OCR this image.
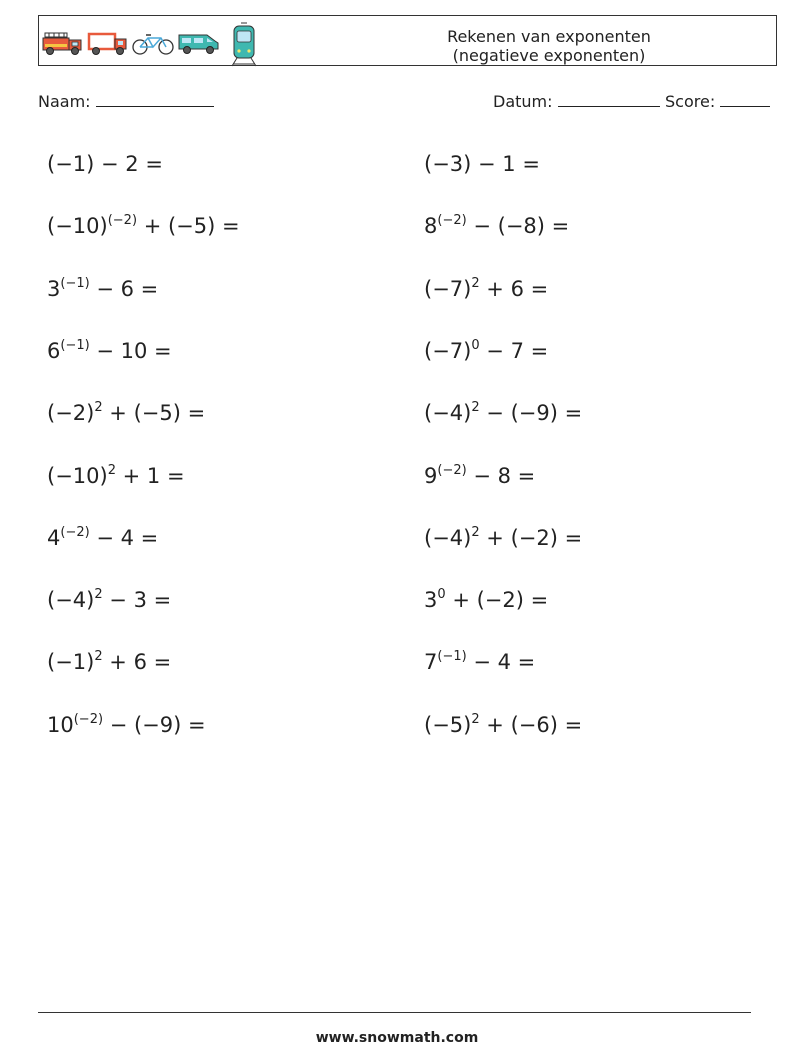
Rekenen van exponenten (negatieve exponenten)
Naam:	Datum:	Score:
(−1) − 2 =	(−3) − 1 =
$(-10)^{(-2)} + (-5)$ =	$8^{(-2)} - (-8)$ =
$3^{(-1)} - 6$ =	$(-7)^2 + 6$ =
$6^{(-1)} - 10$ =	$(-7)^0 - 7$ =
$(-2)^2 + (-5)$ =	$(-4)^2 - (-9)$ =
$(-10)^2 + 1$ =	$9^{(-2)} - 8$ =
$4^{(-2)} - 4$ =	$(-4)^2 + (-2)$ =
$(-4)^2 - 3$ =	$3^0 + (-2)$ =
$(-1)^2 + 6$ =	$7^{(-1)} - 4$ =
$10^{(-2)} - (-9)$ =	$(-5)^2 + (-6)$ =
www.snowmath.com
